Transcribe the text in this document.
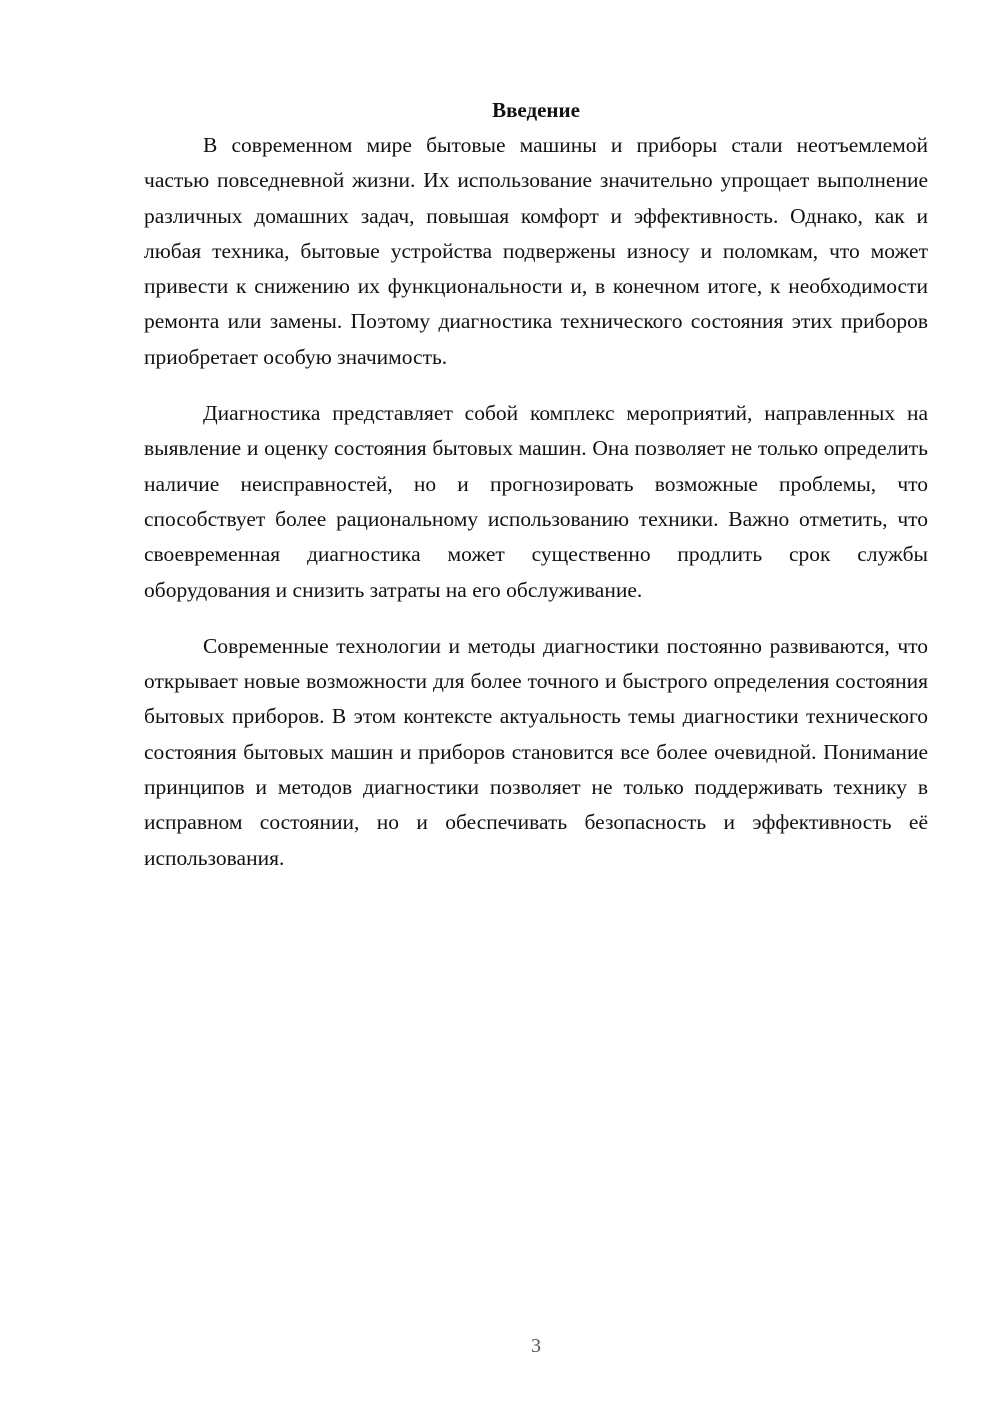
Введение

В современном мире бытовые машины и приборы стали неотъемлемой частью повседневной жизни. Их использование значительно упрощает выполнение различных домашних задач, повышая комфорт и эффективность. Однако, как и любая техника, бытовые устройства подвержены износу и поломкам, что может привести к снижению их функциональности и, в конечном итоге, к необходимости ремонта или замены. Поэтому диагностика технического состояния этих приборов приобретает особую значимость.

Диагностика представляет собой комплекс мероприятий, направленных на выявление и оценку состояния бытовых машин. Она позволяет не только определить наличие неисправностей, но и прогнозировать возможные проблемы, что способствует более рациональному использованию техники. Важно отметить, что своевременная диагностика может существенно продлить срок службы оборудования и снизить затраты на его обслуживание.

Современные технологии и методы диагностики постоянно развиваются, что открывает новые возможности для более точного и быстрого определения состояния бытовых приборов. В этом контексте актуальность темы диагностики технического состояния бытовых машин и приборов становится все более очевидной. Понимание принципов и методов диагностики позволяет не только поддерживать технику в исправном состоянии, но и обеспечивать безопасность и эффективность её использования.

3
